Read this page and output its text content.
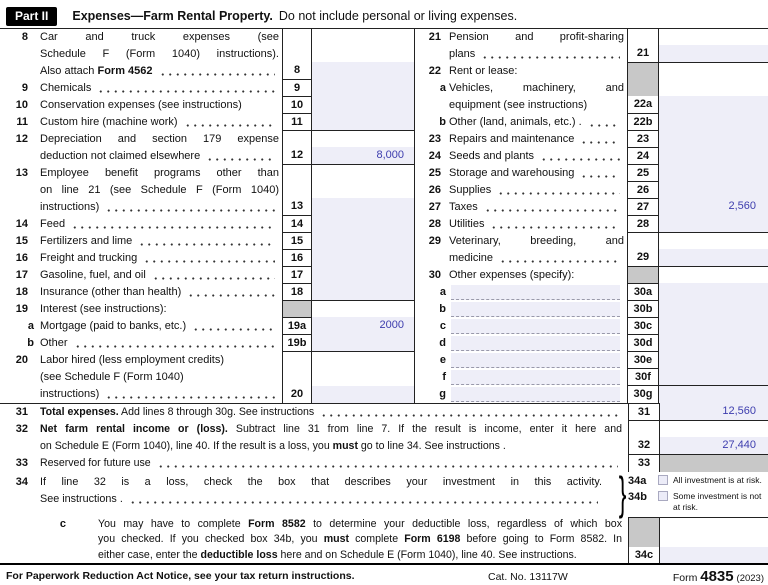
Part II	Expenses—Farm Rental Property. Do not include personal or living expenses.
8	Car and truck expenses (see
Schedule F (Form 1040) instructions).
Also attach Form 4562	8
9	Chemicals	9
10	Conservation expenses (see instructions)	10
11	Custom hire (machine work)	11
12	Depreciation and section 179 expense
deduction not claimed elsewhere	12	8,000
13	Employee benefit programs other than
on line 21 (see Schedule F (Form 1040)
instructions)	13
14	Feed	14
15	Fertilizers and lime	15
16	Freight and trucking	16
17	Gasoline, fuel, and oil	17
18	Insurance (other than health)	18
19	Interest (see instructions):
a Mortgage (paid to banks, etc.)	19a	2000
b Other	19b
20	Labor hired (less employment credits)
(see Schedule F (Form 1040)
instructions)	20
21 Pension and profit-sharing
plans	21
22 Rent or lease:
a Vehicles, machinery, and
equipment (see instructions)	22a
b Other (land, animals, etc.) .	22b
23 Repairs and maintenance	23
24 Seeds and plants	24
25 Storage and warehousing	25
26 Supplies	26
27 Taxes	27	2,560
28 Utilities	28
29 Veterinary, breeding, and
medicine	29
30 Other expenses (specify):
a	30a
b	30b
c	30c
d	30d
e	30e
f	30f
g	30g
31	Total expenses. Add lines 8 through 30g. See instructions	31	12,560
32	Net farm rental income or (loss). Subtract line 31 from line 7. If the result is income, enter it here and
on Schedule E (Form 1040), line 40. If the result is a loss, you must go to line 34. See instructions .	32	27,440
33	Reserved for future use	33
34	If line 32 is a loss, check the box that describes your investment in this activity.
See instructions .	} 34a	All investment is at risk.
34b	Some investment is not at risk.
c	You may have to complete Form 8582 to determine your deductible loss, regardless of which box
you checked. If you checked box 34b, you must complete Form 6198 before going to Form 8582. In
either case, enter the deductible loss here and on Schedule E (Form 1040), line 40. See instructions.	34c
For Paperwork Reduction Act Notice, see your tax return instructions.	Cat. No. 13117W	Form 4835 (2023)
